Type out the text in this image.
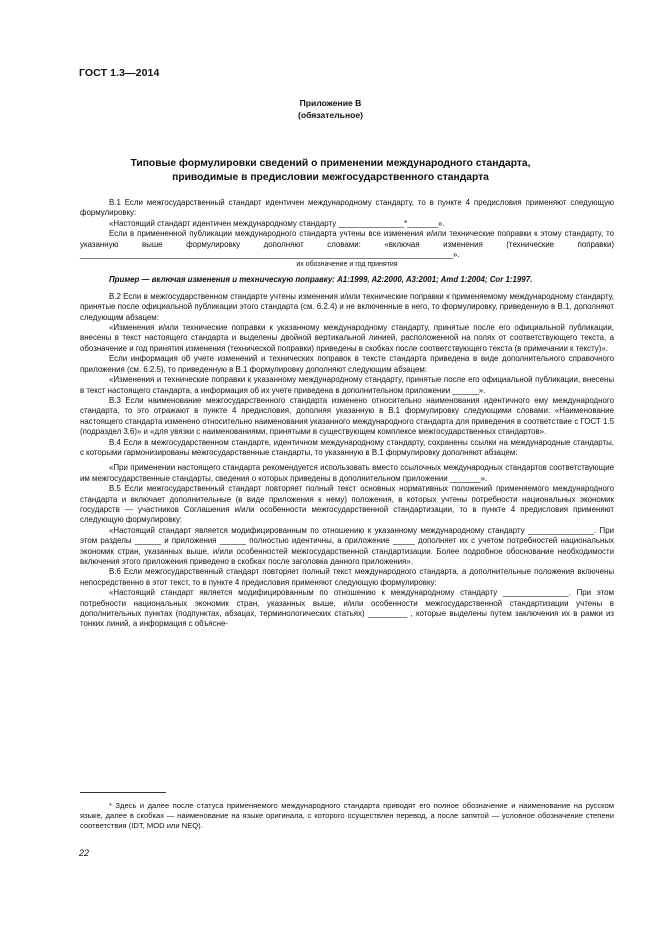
ГОСТ 1.3—2014
Приложение В
(обязательное)
Типовые формулировки сведений о применении международного стандарта,
приводимые в предисловии межгосударственного стандарта

В.1 Если межгосударственный стандарт идентичен международному стандарту, то в пункте 4 предисловия применяют следующую формулировку:

«Настоящий стандарт идентичен международному стандарту _______________*_______».

Если в примененной публикации международного стандарта учтены все изменения и/или технические поправки к этому стандарту, то указанную выше формулировку дополняют словами: «включая изменения (технические поправки) _____________________________________________________________________________________».

их обозначение и год принятия

Пример — включая изменения и техническую поправку: A1:1999, A2:2000, A3:2001; Amd 1:2004; Cor 1:1997.

В.2 Если в межгосударственном стандарте учтены изменения и/или технические поправки к применяемому международному стандарту, принятые после официальной публикации этого стандарта (см. 6.2.4) и не включенные в него, то формулировку, приведенную в В.1, дополняют следующим абзацем:

«Изменения и/или технические поправки к указанному международному стандарту, принятые после его официальной публикации, внесены в текст настоящего стандарта и выделены двойной вертикальной линией, расположенной на полях от соответствующего текста, а обозначение и год принятия изменения (технической поправки) приведены в скобках после соответствующего текста (в примечании к тексту)».

Если информация об учете изменений и технических поправок в тексте стандарта приведена в виде дополнительного справочного приложения (см. 6.2.5), то приведенную в В.1 формулировку дополняют следующим абзацем:

«Изменения и технические поправки к указанному международному стандарту, принятые после его официальной публикации, внесены в текст настоящего стандарта, а информация об их учете приведена в дополнительном приложении ______».

В.3 Если наименование межгосударственного стандарта изменено относительно наименования идентичного ему международного стандарта, то это отражают в пункте 4 предисловия, дополняя указанную в В.1 формулировку следующими словами: «Наименование настоящего стандарта изменено относительно наименования указанного международного стандарта для приведения в соответствие с ГОСТ 1.5 (подраздел 3.6)» и «для увязки с наименованиями, принятыми в существующем комплексе межгосударственных стандартов».

В.4 Если в межгосударственном стандарте, идентичном международному стандарту, сохранены ссылки на международные стандарты, с которыми гармонизированы межгосударственные стандарты, то указанную в В.1 формулировку дополняют абзацем:

«При применении настоящего стандарта рекомендуется использовать вместо ссылочных международных стандартов соответствующие им межгосударственные стандарты, сведения о которых приведены в дополнительном приложении _______».

В.5 Если межгосударственный стандарт повторяет полный текст основных нормативных положений применяемого международного стандарта и включает дополнительные (в виде приложения к нему) положения, в которых учтены потребности национальных экономик государств — участников Соглашения и/или особенности межгосударственной стандартизации, то в пункте 4 предисловия применяют следующую формулировку:

«Настоящий стандарт является модифицированным по отношению к указанному международному стандарту _______________. При этом разделы ______ и приложения ______ полностью идентичны, а приложение _____ дополняет их с учетом потребностей национальных экономик стран, указанных выше, и/или особенностей межгосударственной стандартизации. Более подробное обоснование необходимости включения этого приложения приведено в скобках после заголовка данного приложения».

В.6 Если межгосударственный стандарт повторяет полный текст международного стандарта, а дополнительные положения включены непосредственно в этот текст, то в пункте 4 предисловия применяют следующую формулировку:

«Настоящий стандарт является модифицированным по отношению к международному стандарту _______________. При этом потребности национальных экономик стран, указанных выше, и/или особенности межгосударственной стандартизации учтены в дополнительных пунктах (подпунктах, абзацах, терминологических статьях) _________ , которые выделены путем заключения их в рамки из тонких линий, а информация с объясне-

* Здесь и далее после статуса применяемого международного стандарта приводят его полное обозначение и наименование на русском языке, далее в скобках — наименование на языке оригинала, с которого осуществлен перевод, а после запятой — условное обозначение степени соответствия (IDT, MOD или NEQ).

22
